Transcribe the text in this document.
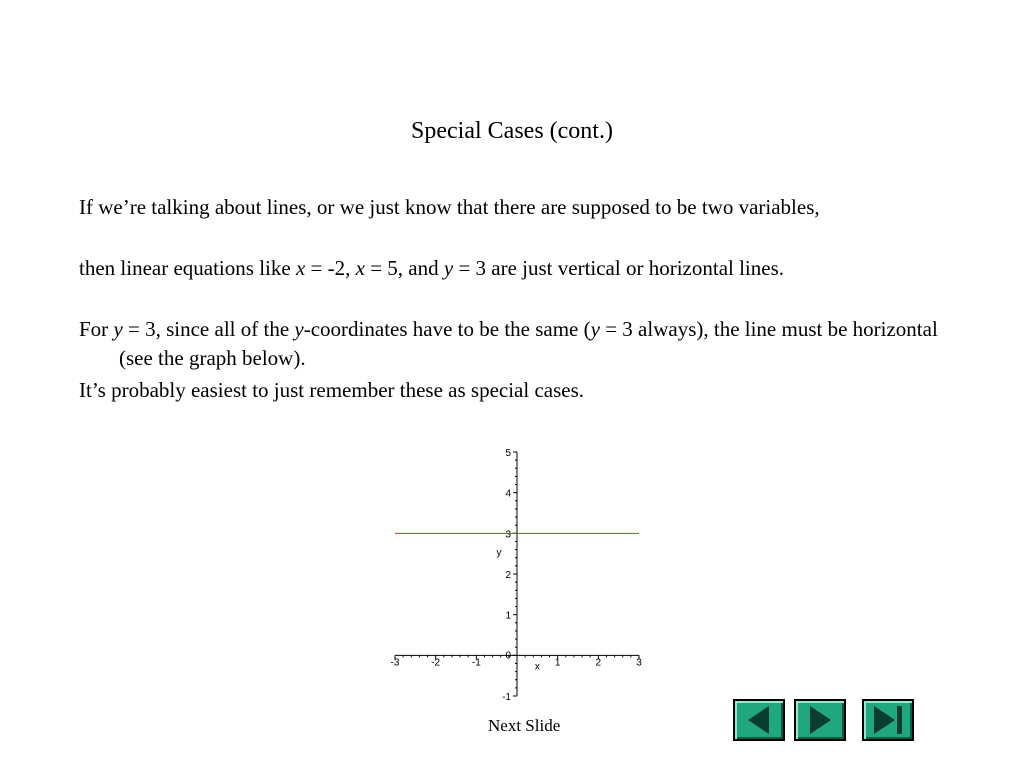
Special Cases (cont.)
If we’re talking about lines, or we just know that there are supposed to be two variables,
then linear equations like x = -2, x = 5, and y = 3 are just vertical or horizontal lines.
For y = 3, since all of the y-coordinates have to be the same (y = 3 always), the line must be horizontal (see the graph below).
It’s probably easiest to just remember these as special cases.
-3	-2	-1
0
1	2	3
-1
1
2
3
4
5
x
y
Next Slide
